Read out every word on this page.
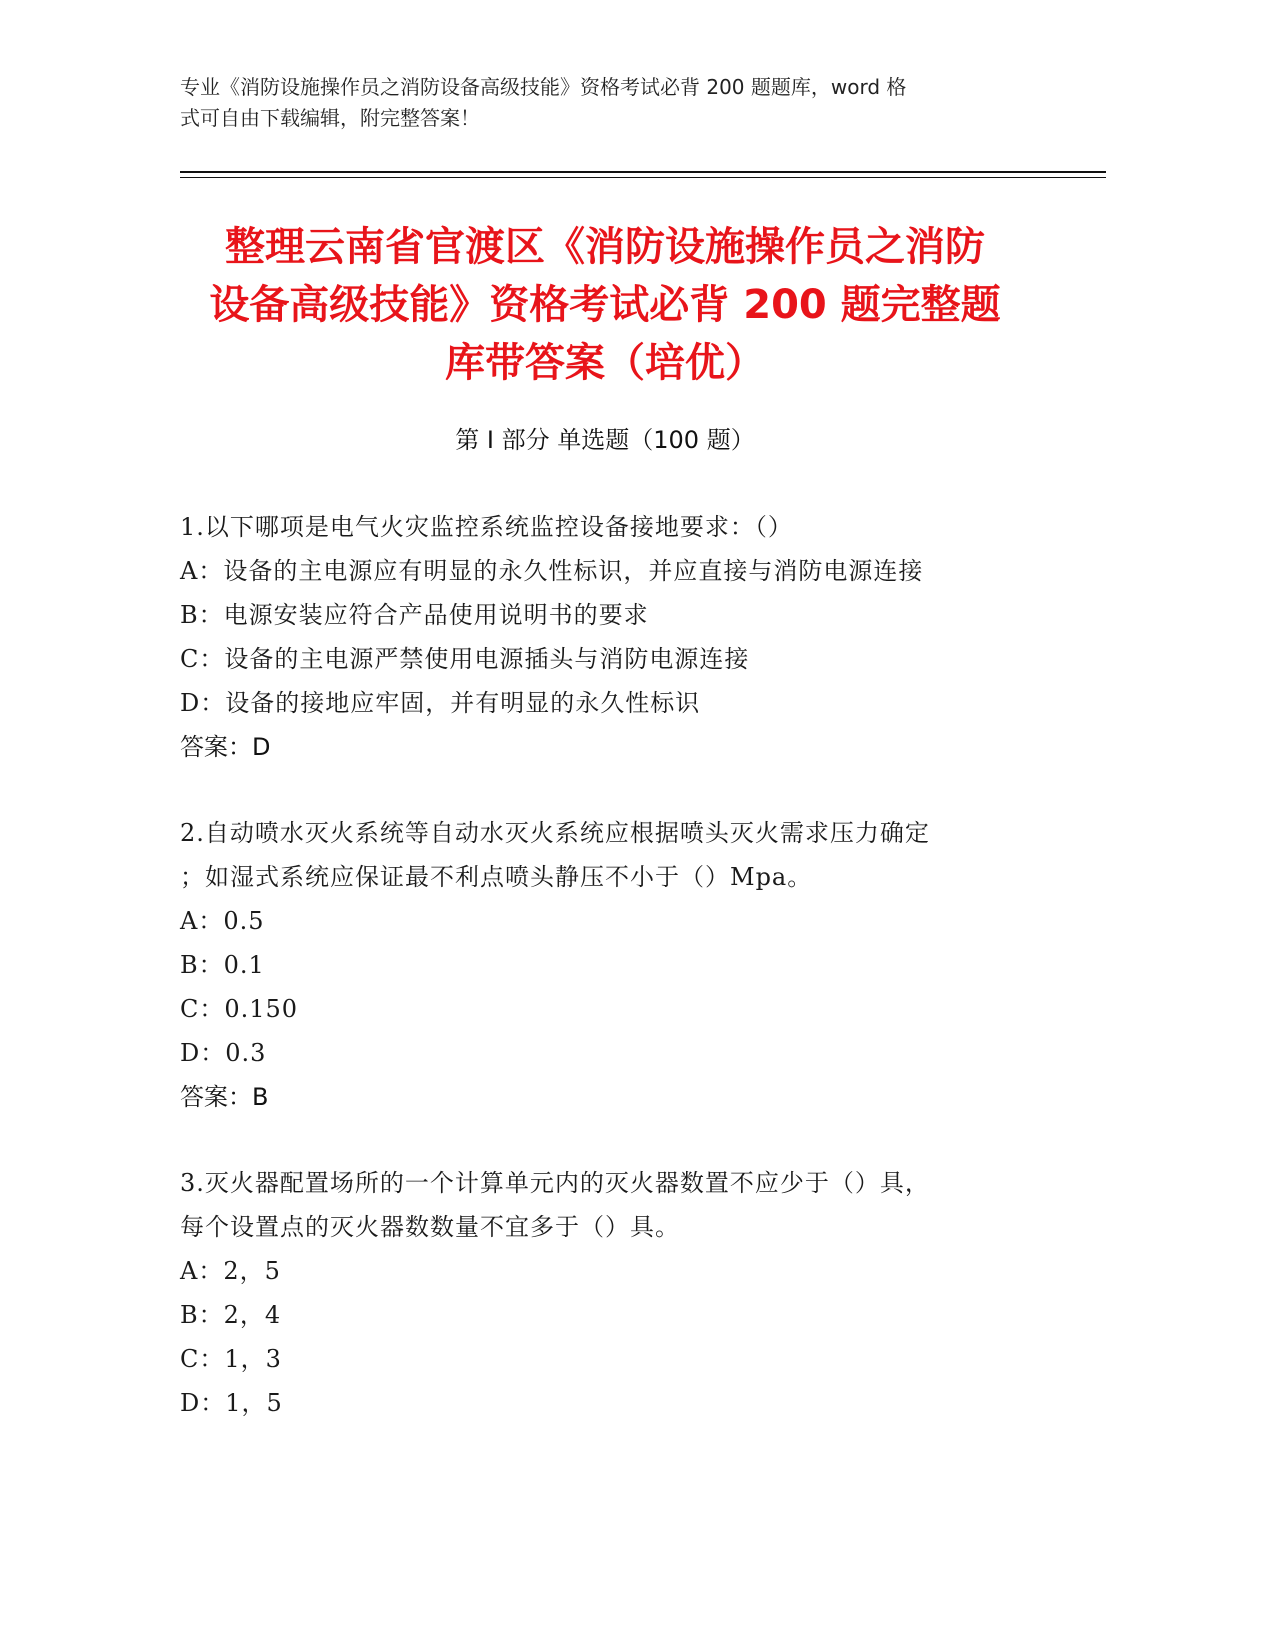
专业《消防设施操作员之消防设备高级技能》资格考试必背 200 题题库，word 格
式可自由下载编辑，附完整答案！
整理云南省官渡区《消防设施操作员之消防
设备高级技能》资格考试必背 200 题完整题
库带答案（培优）
第 I 部分 单选题（100 题）
1.以下哪项是电气火灾监控系统监控设备接地要求：（）
A：设备的主电源应有明显的永久性标识，并应直接与消防电源连接
B：电源安装应符合产品使用说明书的要求
C：设备的主电源严禁使用电源插头与消防电源连接
D：设备的接地应牢固，并有明显的永久性标识
答案：D
2.自动喷水灭火系统等自动水灭火系统应根据喷头灭火需求压力确定
；如湿式系统应保证最不利点喷头静压不小于（）Mpa。
A：0.5
B：0.1
C：0.150
D：0.3
答案：B
3.灭火器配置场所的一个计算单元内的灭火器数置不应少于（）具，
每个设置点的灭火器数数量不宜多于（）具。
A：2，5
B：2，4
C：1，3
D：1，5
